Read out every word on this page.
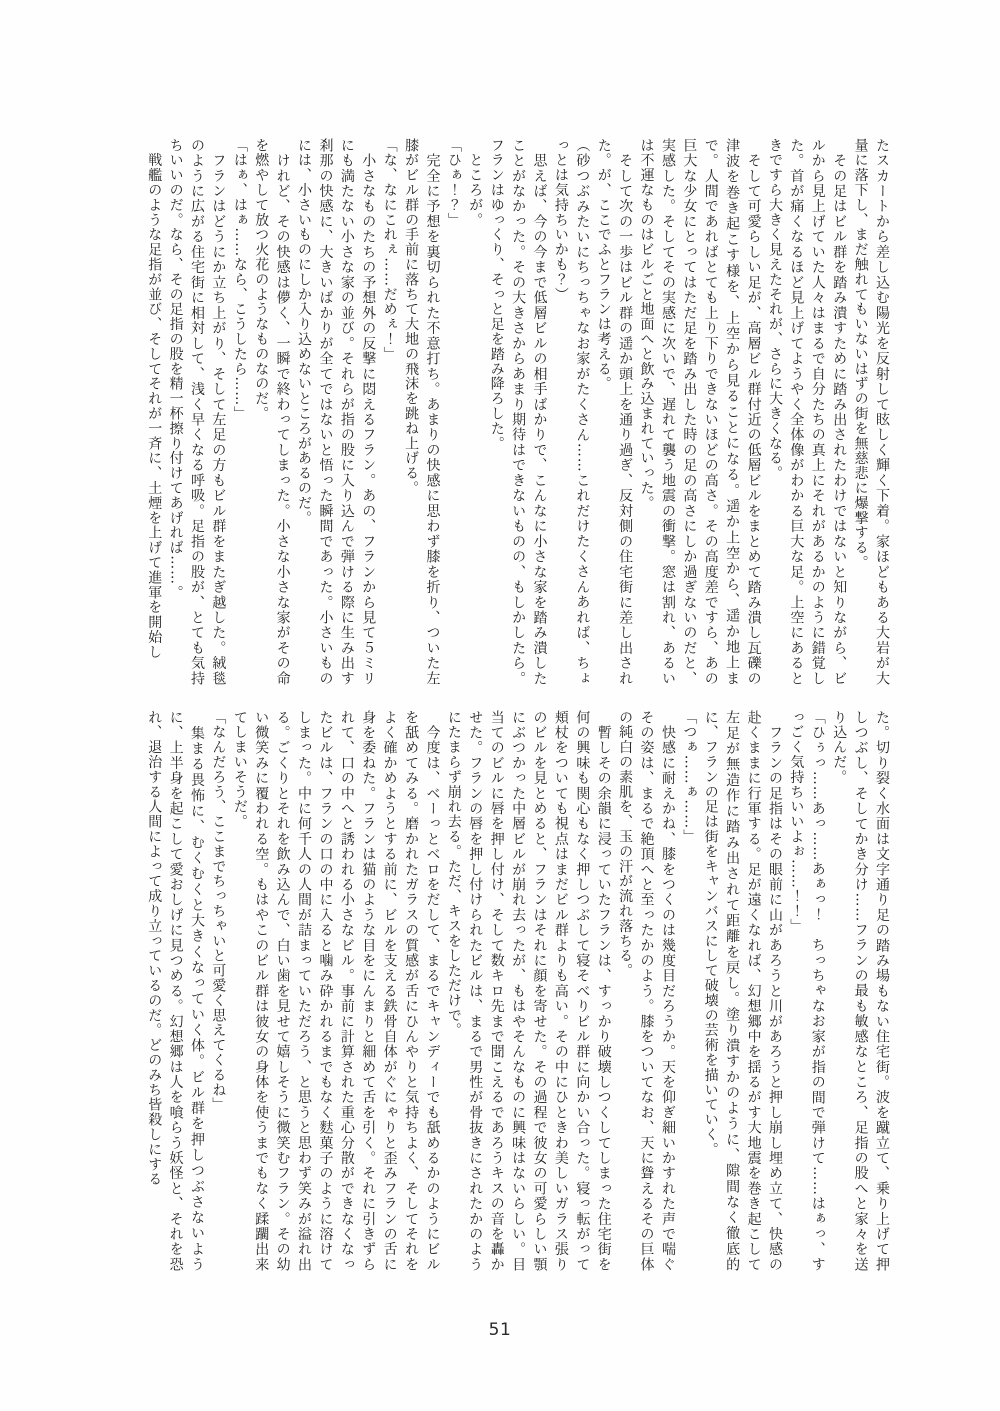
たスカートから差し込む陽光を反射して眩しく輝く下着。家ほどもある大岩が大量に落下し、まだ触れてもいないはずの街を無慈悲に爆撃する。

　その足はビル群を踏み潰すために踏み出されたわけではないと知りながら、ビルから見上げていた人々はまるで自分たちの真上にそれがあるかのように錯覚した。首が痛くなるほど見上げてようやく全体像がわかる巨大な足。上空にあるときですら大きく見えたそれが、さらに大きくなる。

　そして可愛らしい足が、高層ビル群付近の低層ビルをまとめて踏み潰し瓦礫の津波を巻き起こす様を、上空から見ることになる。遥か上空から、遥か地上まで。人間であればとても上り下りできないほどの高さ。その高度差ですら、あの巨大な少女にとってはただ足を踏み出した時の足の高さにしか過ぎないのだと、実感した。そしてその実感に次いで、遅れて襲う地震の衝撃。窓は割れ、あるいは不運なものはビルごと地面へと飲み込まれていった。

　そして次の一歩はビル群の遥か頭上を通り過ぎ、反対側の住宅街に差し出された。が、ここでふとフランは考える。

（砂つぶみたいにちっちゃなお家がたくさん……これだけたくさんあれば、ちょっとは気持ちいかも？）

　思えば、今の今まで低層ビルの相手ばかりで、こんなに小さな家を踏み潰したことがなかった。その大きさからあまり期待はできないものの、もしかしたら。フランはゆっくり、そっと足を踏み降ろした。

　ところが。

「ひぁ！？」

　完全に予想を裏切られた不意打ち。あまりの快感に思わず膝を折り、ついた左膝がビル群の手前に落ちて大地の飛沫を跳ね上げる。

「な、なにこれぇ……だめぇ！」

　小さなものたちの予想外の反撃に悶えるフラン。あの、フランから見て５ミリにも満たない小さな家の並び。それらが指の股に入り込んで弾ける際に生み出す刹那の快感に、大きいばかりが全てではないと悟った瞬間であった。小さいものには、小さいものにしか入り込めないところがあるのだ。

　けれど、その快感は儚く、一瞬で終わってしまった。小さな小さな家がその命を燃やして放つ火花のようなものなのだ。

「はぁ、はぁ……なら、こうしたら……」

　フランはどうにか立ち上がり、そして左足の方もビル群をまたぎ越した。絨毯のように広がる住宅街に相対して、浅く早くなる呼吸。足指の股が、とても気持ちいいのだ。なら、その足指の股を精一杯擦り付けてあげれば……。

　戦艦のような足指が並び、そしてそれが一斉に、土煙を上げて進軍を開始し

た。切り裂く水面は文字通り足の踏み場もない住宅街。波を蹴立て、乗り上げて押しつぶし、そしてかき分け……フランの最も敏感なところ、足指の股へと家々を送り込んだ。

「ひぅっ……あっ……あぁっ！　ちっちゃなお家が指の間で弾けて……はぁっ、すっごく気持ちいいよぉ……！！」

　フランの足指はその眼前に山があろうと川があろうと押し崩し埋め立て、快感の赴くままに行軍する。足が遠くなれば、幻想郷中を揺るがす大地震を巻き起こして左足が無造作に踏み出されて距離を戻し。塗り潰すかのように、隙間なく徹底的に、フランの足は街をキャンバスにして破壊の芸術を描いていく。

「つぁ……ぁ……」

　快感に耐えかね、膝をつくのは幾度目だろうか。天を仰ぎ細いかすれた声で喘ぐその姿は、まるで絶頂へと至ったかのよう。膝をついてなお、天に聳えるその巨体の純白の素肌を、玉の汗が流れ落ちる。

　暫しその余韻に浸っていたフランは、すっかり破壊しつくしてしまった住宅街を何の興味も関心もなく押しつぶして寝そべりビル群に向かい合った。寝っ転がって頬杖をついても視点はまだビル群よりも高い。その中にひときわ美しいガラス張りのビルを見とめると、フランはそれに顔を寄せた。その過程で彼女の可愛らしい顎にぶつかった中層ビルが崩れ去ったが、もはやそんなものに興味はないらしい。目当てのビルに唇を押し付け、そして数キロ先まで聞こえるであろうキスの音を轟かせた。フランの唇を押し付けられたビルは、まるで男性が骨抜きにされたかのようにたまらず崩れ去る。ただ、キスをしただけで。

　今度は、ベーっとベロをだして、まるでキャンディーでも舐めるかのようにビルを舐めてみる。磨かれたガラスの質感が舌にひんやりと気持ちよく、そしてそれをよく確かめようとする前に、ビルを支える鉄骨自体がぐにゃりと歪みフランの舌に身を委ねた。フランは猫のような目をにんまりと細めて舌を引く。それに引きずられて、口の中へと誘われる小さなビル。事前に計算された重心分散ができなくなったビルは、フランの口の中に入ると噛み砕かれるまでもなく麩菓子のように溶けてしまった。中に何千人の人間が詰まっていただろう、と思うと思わず笑みが溢れ出る。ごくりとそれを飲み込んで、白い歯を見せて嬉しそうに微笑むフラン。その幼い微笑みに覆われる空。もはやこのビル群は彼女の身体を使うまでもなく蹂躙出来てしまいそうだ。

「なんだろう、ここまでちっちゃいと可愛く思えてくるね」

　集まる畏怖に、むくむくと大きくなっていく体。ビル群を押しつぶさないように、上半身を起こして愛おしげに見つめる。幻想郷は人を喰らう妖怪と、それを恐れ、退治する人間によって成り立っているのだ。どのみち皆殺しにする

51
